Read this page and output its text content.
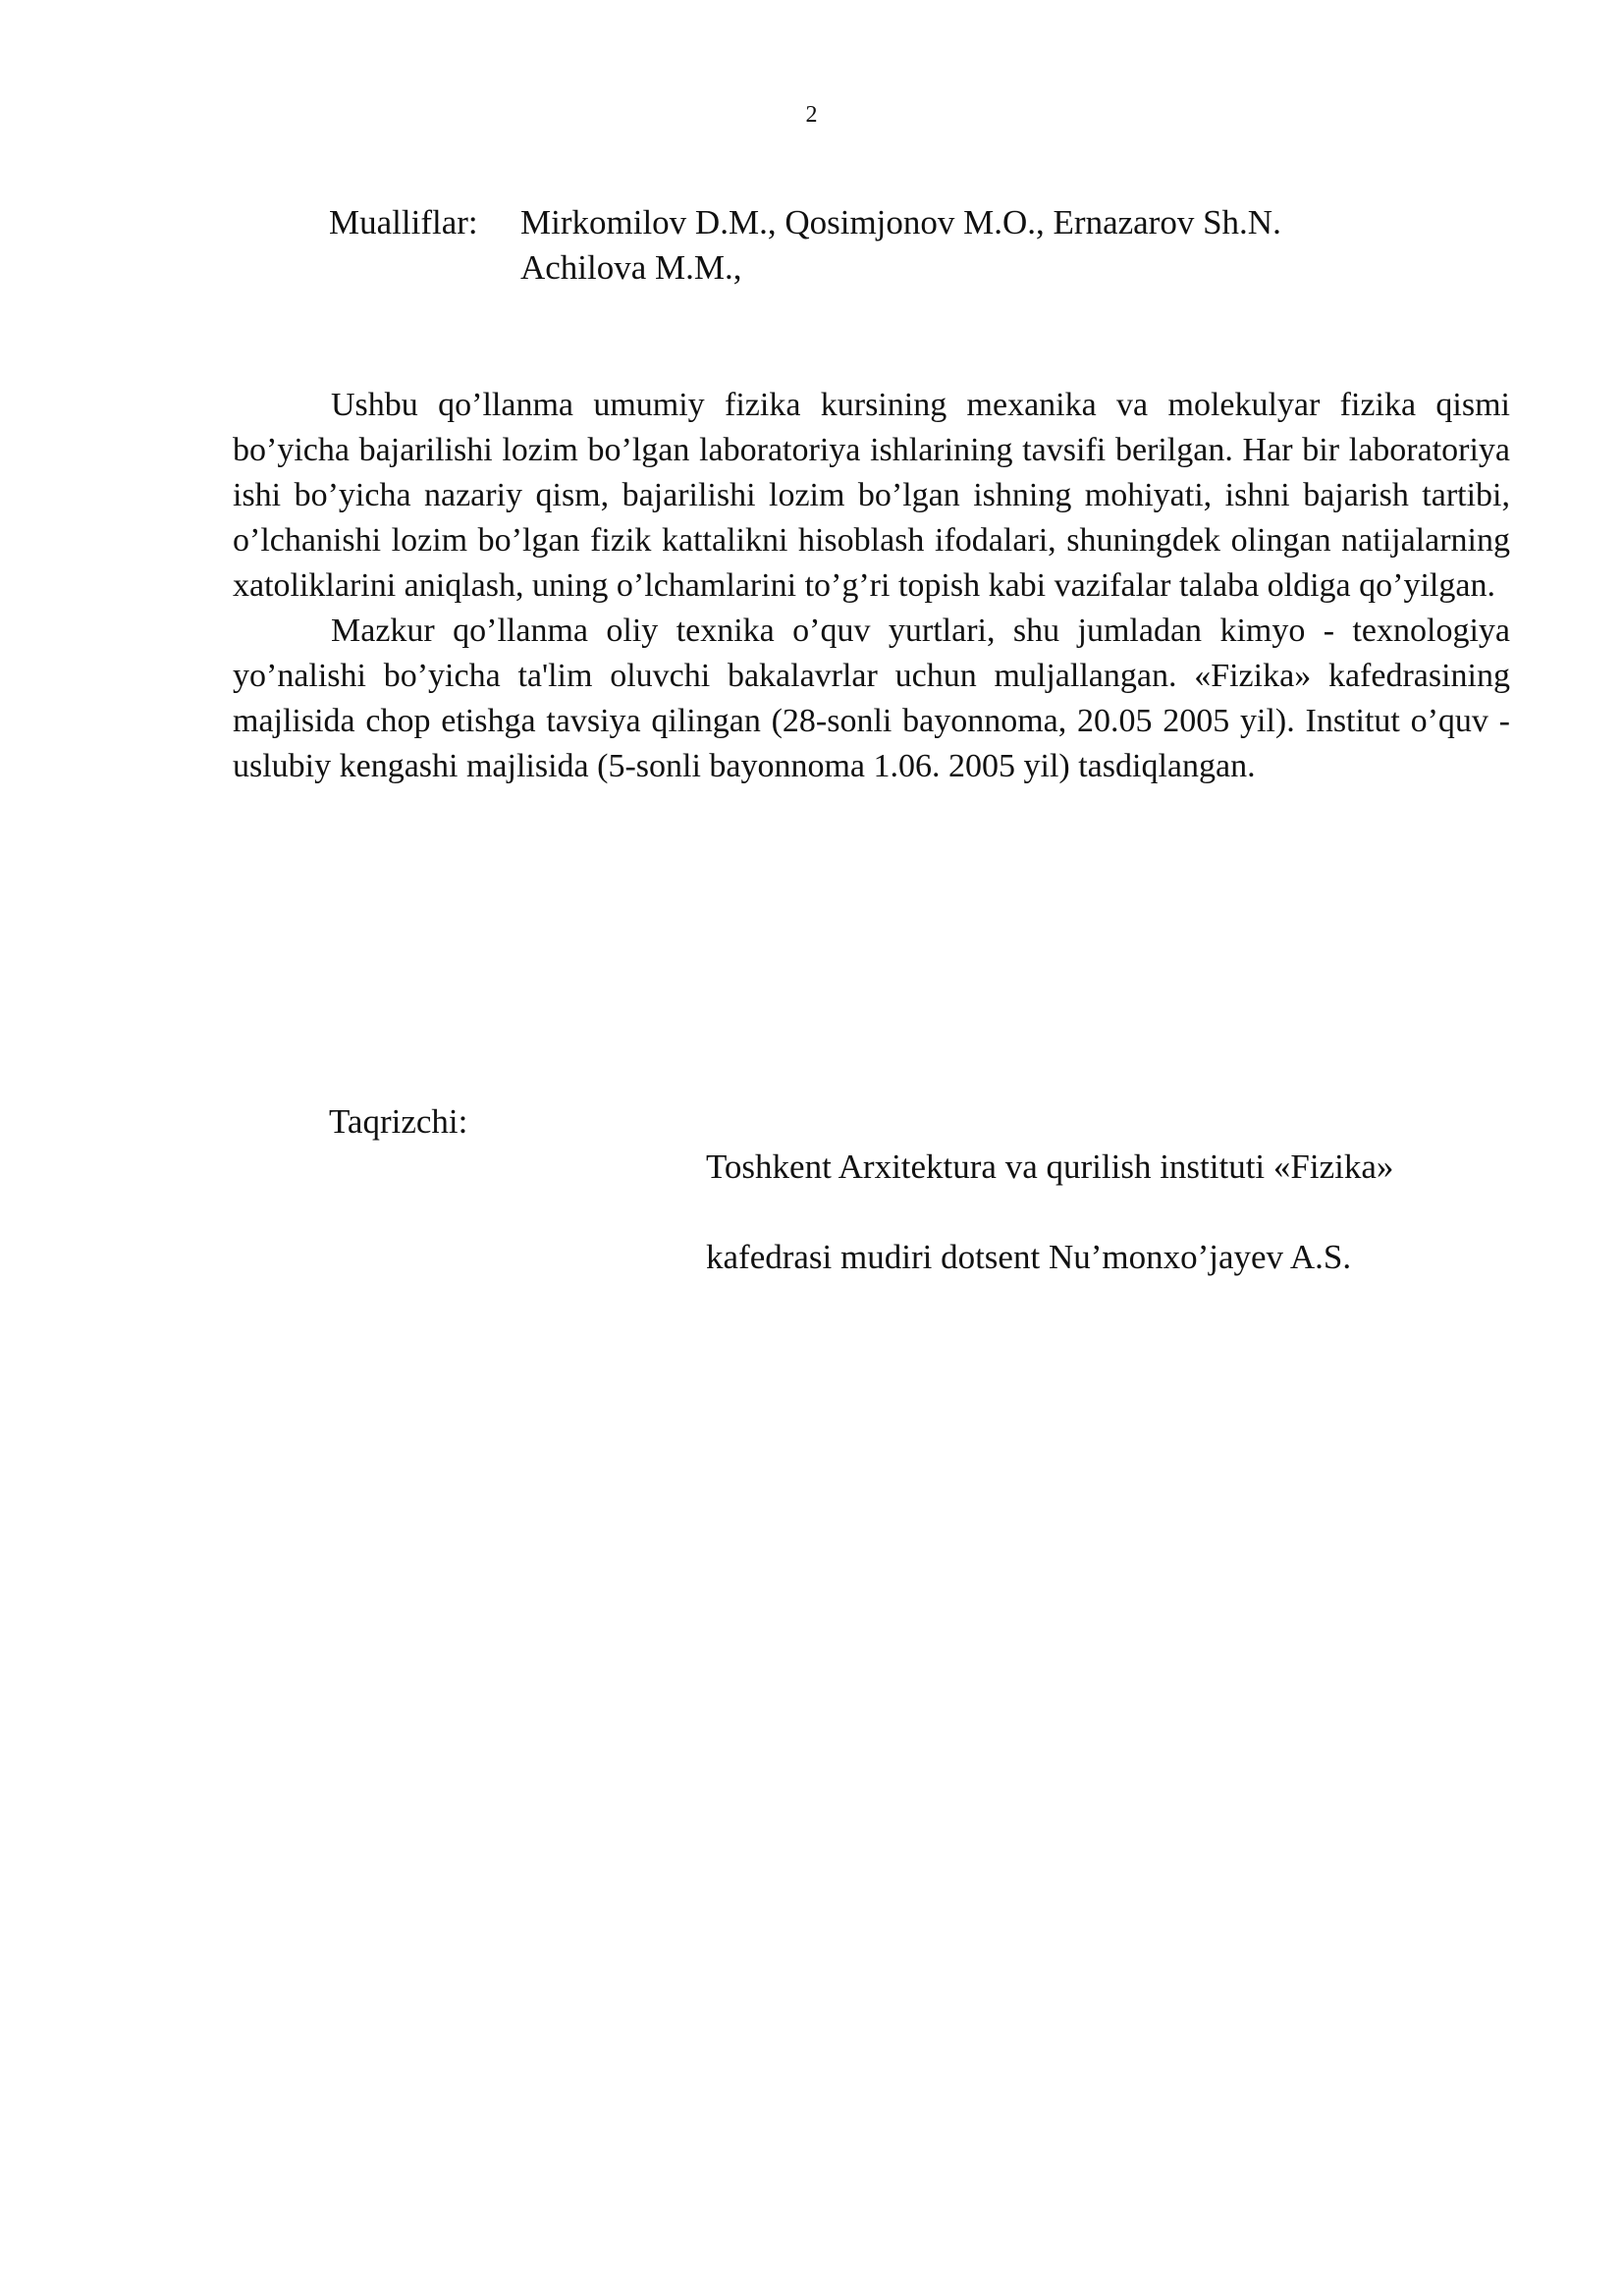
2
Mualliflar: Mirkomilov D.M., Qosimjonov M.O., Ernazarov Sh.N.
Achilova M.M.,

Ushbu qo’llanma umumiy fizika kursining mexanika va molekulyar fizika qismi bo’yicha bajarilishi lozim bo’lgan laboratoriya ishlarining tavsifi berilgan. Har bir laboratoriya ishi bo’yicha nazariy qism, bajarilishi lozim bo’lgan ishning mohiyati, ishni bajarish tartibi, o’lchanishi lozim bo’lgan fizik kattalikni hisoblash ifodalari, shuningdek olingan natijalarning xatoliklarini aniqlash, uning o’lchamlarini to’g’ri topish kabi vazifalar talaba oldiga qo’yilgan.

Mazkur qo’llanma oliy texnika o’quv yurtlari, shu jumladan kimyo - texnologiya yo’nalishi bo’yicha ta'lim oluvchi bakalavrlar uchun muljallangan. «Fizika» kafedrasining majlisida chop etishga tavsiya qilingan (28-sonli bayonnoma, 20.05 2005 yil). Institut o’quv - uslubiy kengashi majlisida (5-sonli bayonnoma 1.06. 2005 yil) tasdiqlangan.

Taqrizchi:

Toshkent Arxitektura va qurilish instituti «Fizika»

kafedrasi mudiri dotsent Nu’monxo’jayev A.S.
